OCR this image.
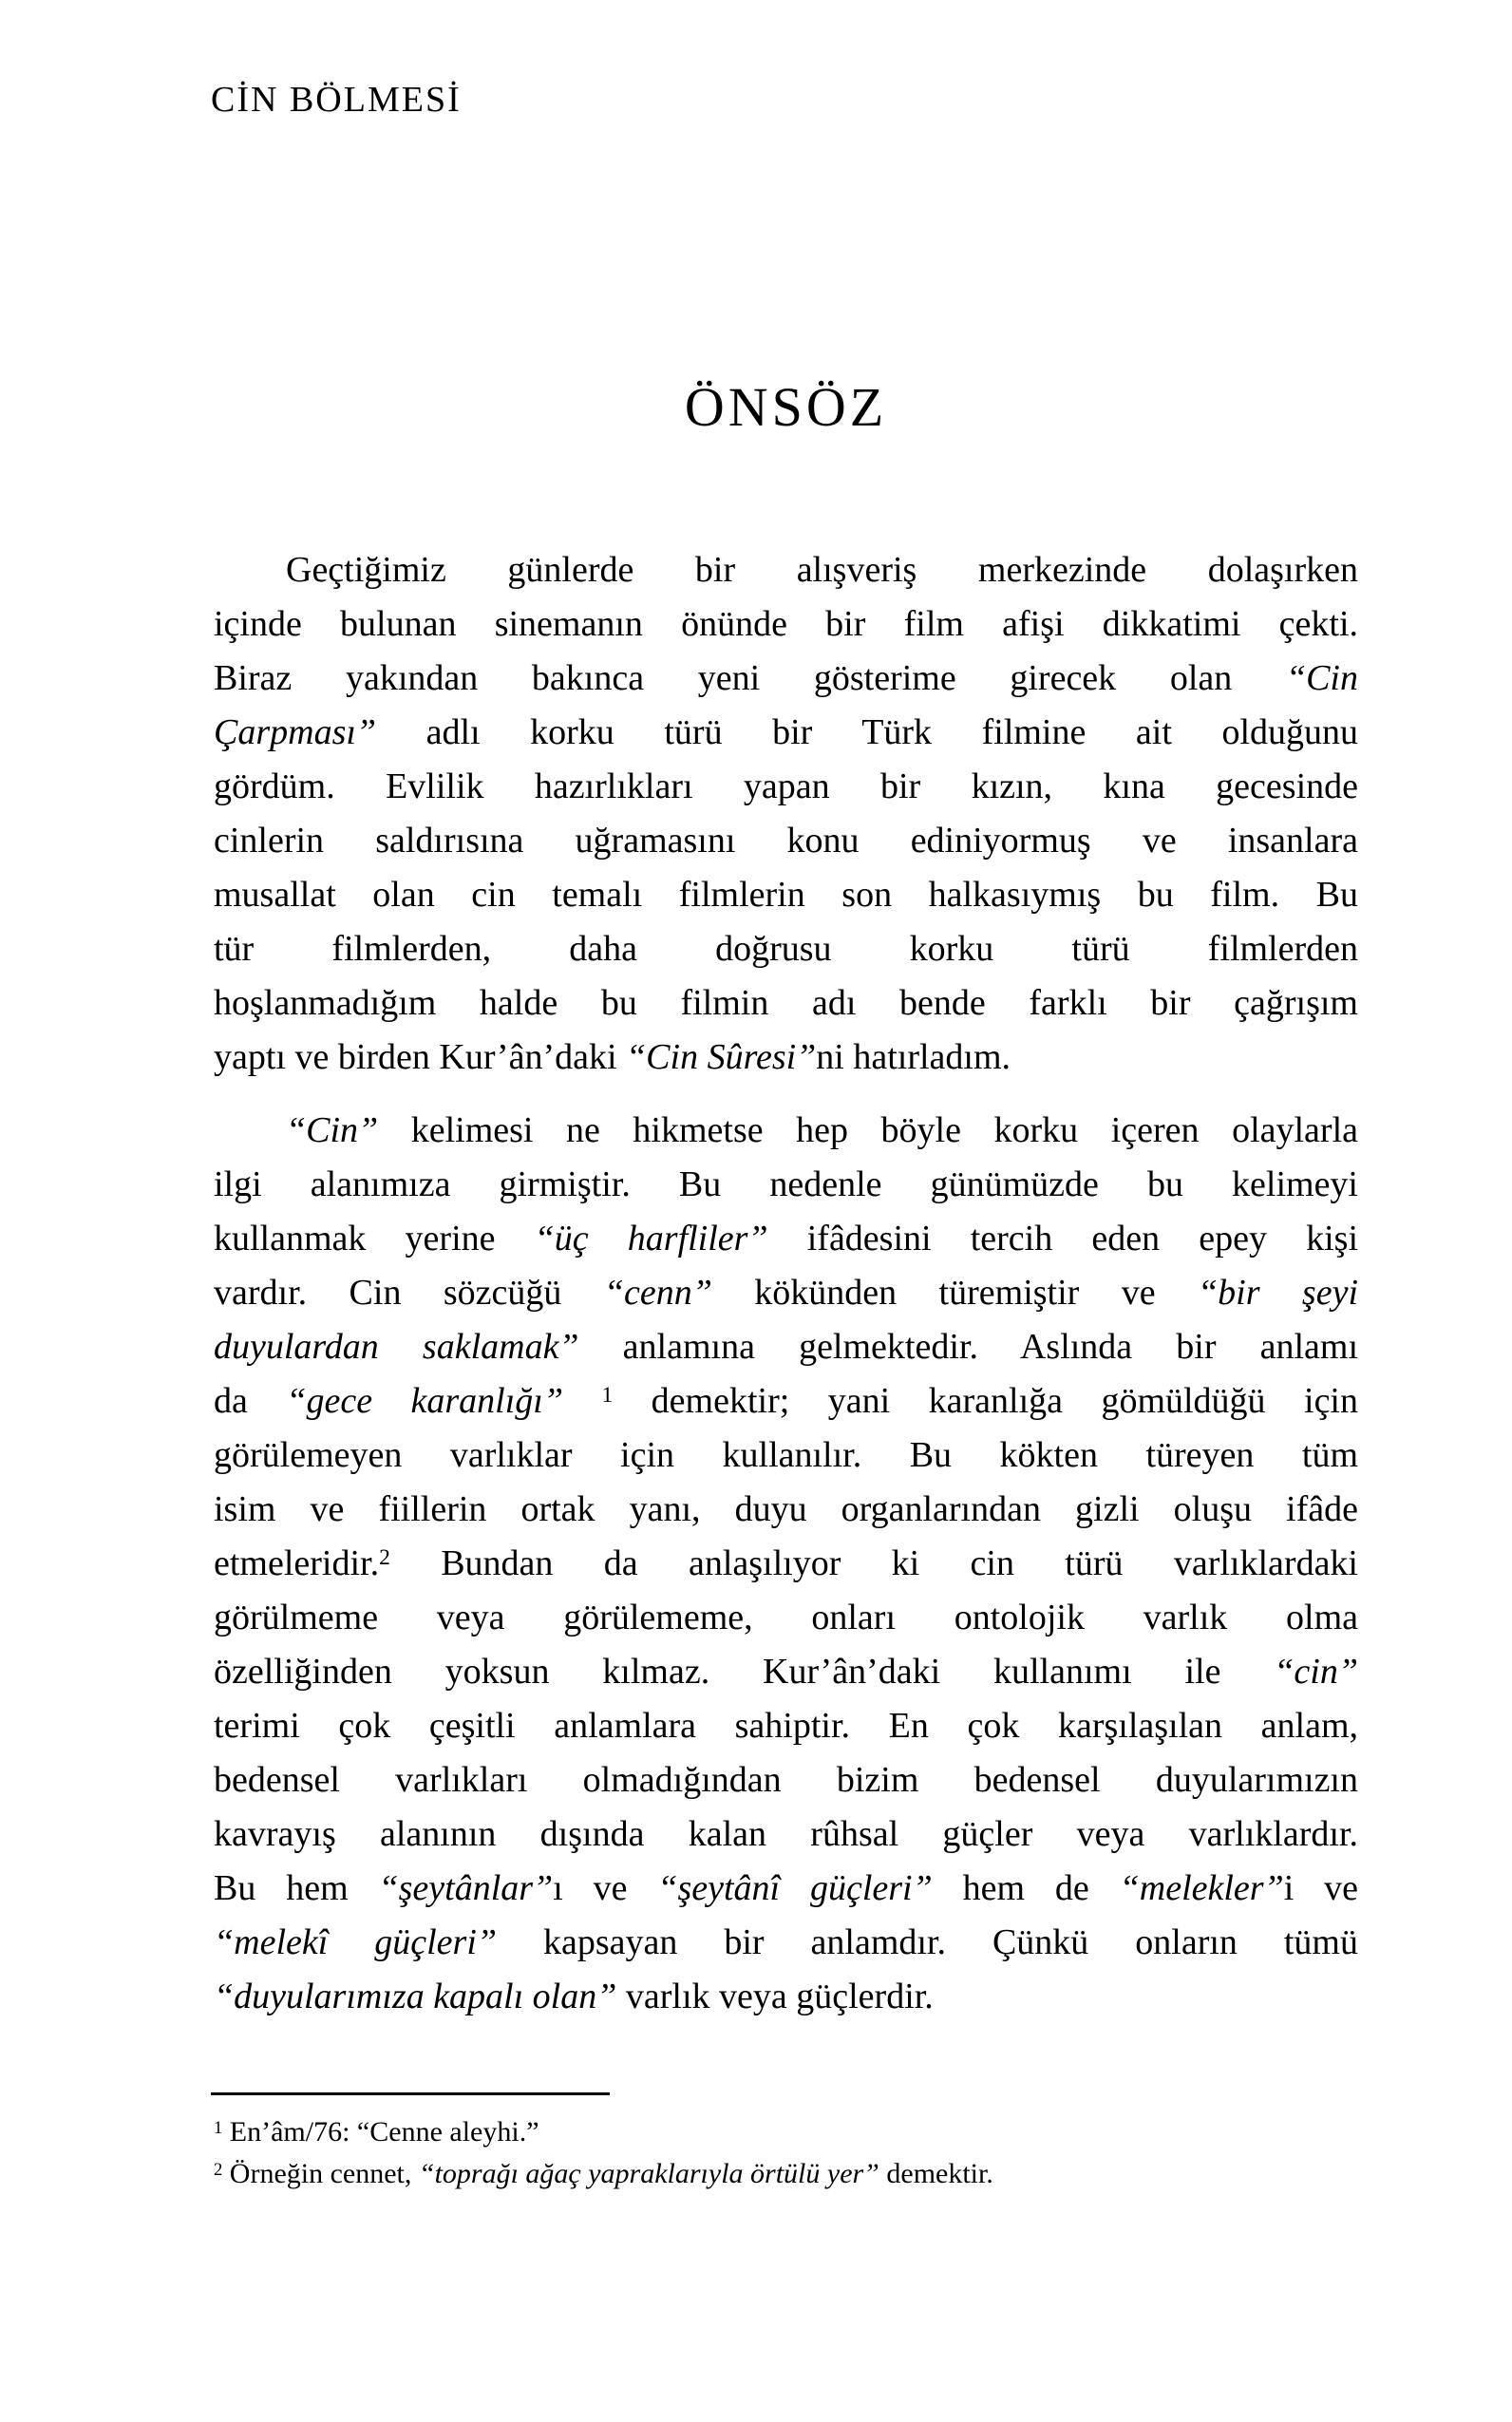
CİN BÖLMESİ
ÖNSÖZ
Geçtiğimiz günlerde bir alışveriş merkezinde dolaşırken
içinde bulunan sinemanın önünde bir film afişi dikkatimi çekti.
Biraz yakından bakınca yeni gösterime girecek olan “Cin
Çarpması” adlı korku türü bir Türk filmine ait olduğunu
gördüm. Evlilik hazırlıkları yapan bir kızın, kına gecesinde
cinlerin saldırısına uğramasını konu ediniyormuş ve insanlara
musallat olan cin temalı filmlerin son halkasıymış bu film. Bu
tür filmlerden, daha doğrusu korku türü filmlerden
hoşlanmadığım halde bu filmin adı bende farklı bir çağrışım
yaptı ve birden Kur’ân’daki “Cin Sûresi”ni hatırladım.
“Cin” kelimesi ne hikmetse hep böyle korku içeren olaylarla
ilgi alanımıza girmiştir. Bu nedenle günümüzde bu kelimeyi
kullanmak yerine “üç harfliler” ifâdesini tercih eden epey kişi
vardır. Cin sözcüğü “cenn” kökünden türemiştir ve “bir şeyi
duyulardan saklamak” anlamına gelmektedir. Aslında bir anlamı
da “gece karanlığı” $^1$ demektir; yani karanlığa gömüldüğü için
görülemeyen varlıklar için kullanılır. Bu kökten türeyen tüm
isim ve fiillerin ortak yanı, duyu organlarından gizli oluşu ifâde
etmeleridir.$^2$ Bundan da anlaşılıyor ki cin türü varlıklardaki
görülmeme veya görülememe, onları ontolojik varlık olma
özelliğinden yoksun kılmaz. Kur’ân’daki kullanımı ile “cin”
terimi çok çeşitli anlamlara sahiptir. En çok karşılaşılan anlam,
bedensel varlıkları olmadığından bizim bedensel duyularımızın
kavrayış alanının dışında kalan rûhsal güçler veya varlıklardır.
Bu hem “şeytânlar”ı ve “şeytânî güçleri” hem de “melekler”i ve
“melekî güçleri” kapsayan bir anlamdır. Çünkü onların tümü
“duyularımıza kapalı olan” varlık veya güçlerdir.
$^1$ En’âm/76: “Cenne aleyhi.”
$^2$ Örneğin cennet, “toprağı ağaç yapraklarıyla örtülü yer” demektir.
